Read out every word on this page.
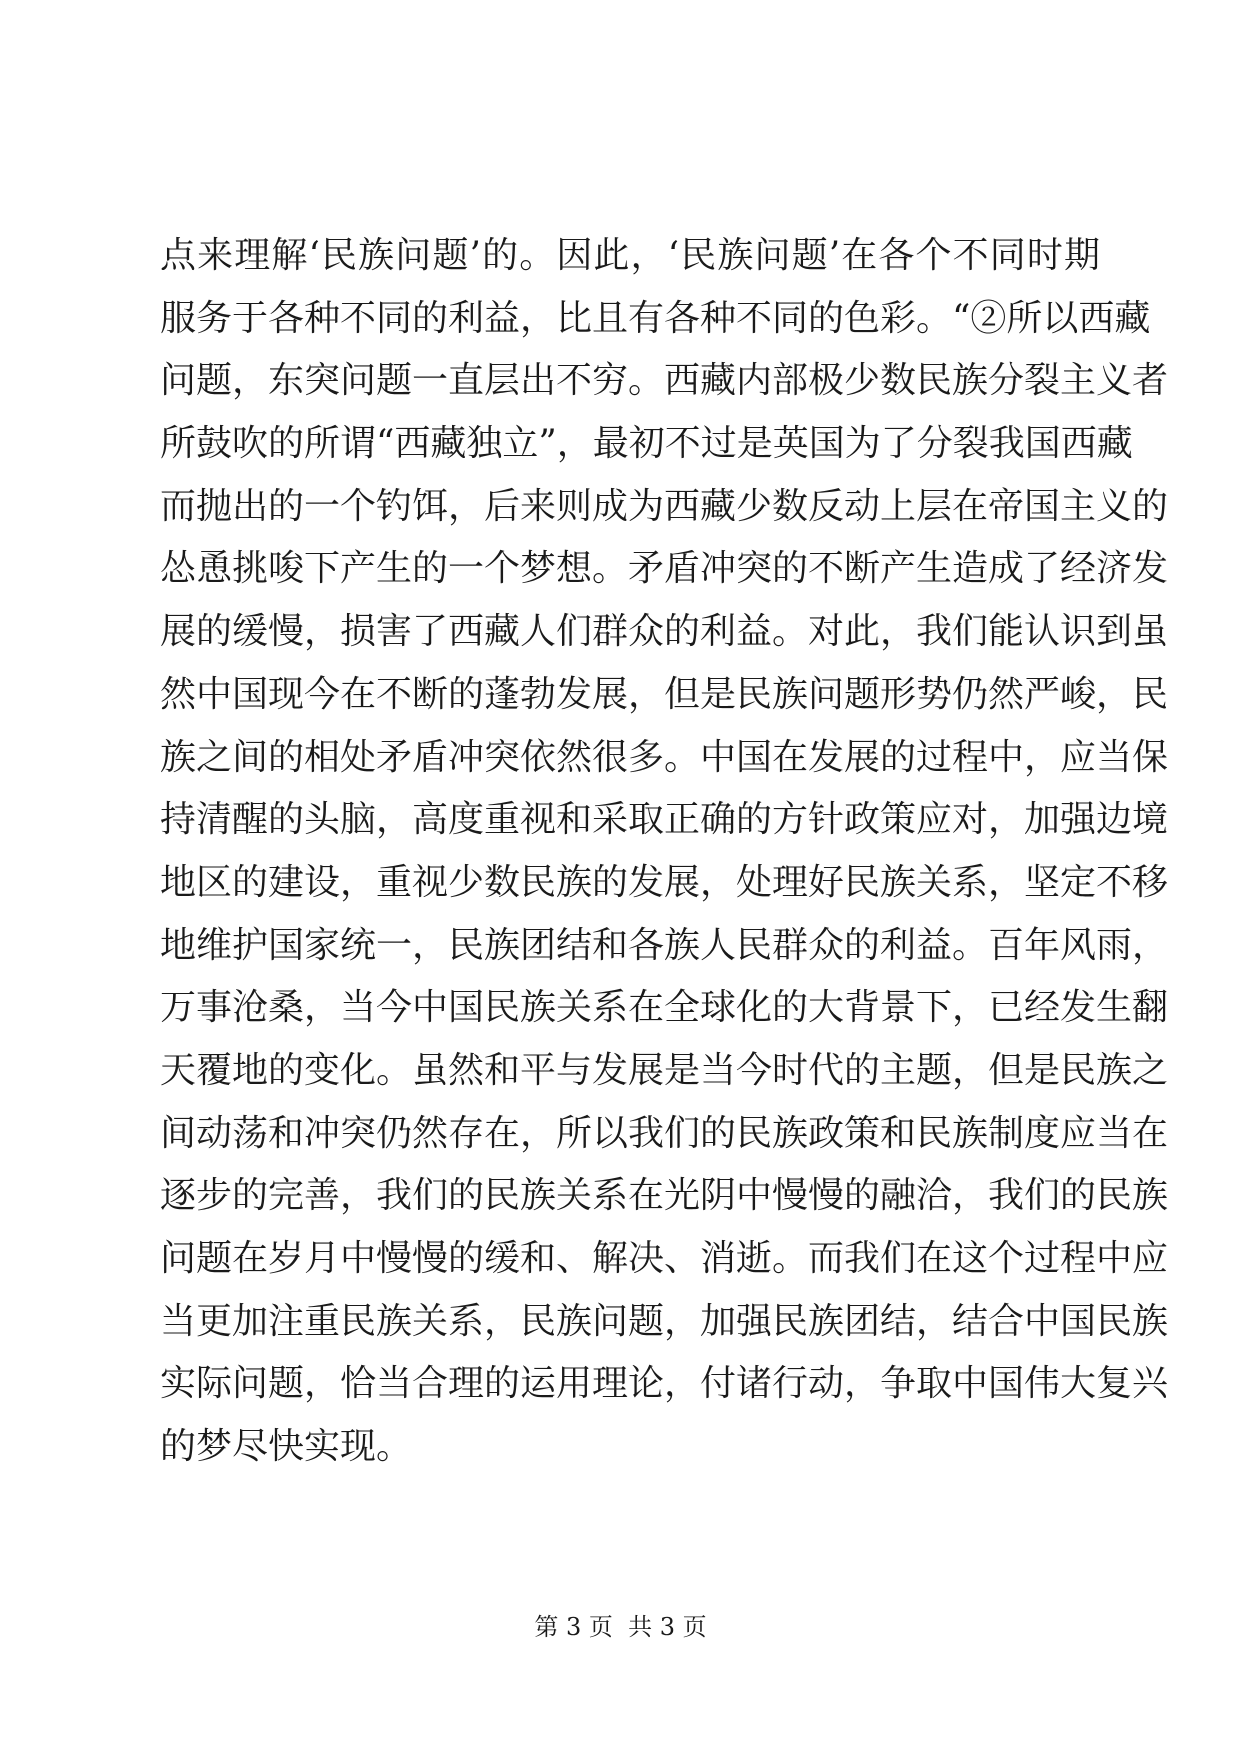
点来理解‘民族问题’的。因此，‘民族问题’在各个不同时期
服务于各种不同的利益，比且有各种不同的色彩。“②所以西藏
问题，东突问题一直层出不穷。西藏内部极少数民族分裂主义者
所鼓吹的所谓“西藏独立”，最初不过是英国为了分裂我国西藏
而抛出的一个钓饵，后来则成为西藏少数反动上层在帝国主义的
怂恿挑唆下产生的一个梦想。矛盾冲突的不断产生造成了经济发
展的缓慢，损害了西藏人们群众的利益。对此，我们能认识到虽
然中国现今在不断的蓬勃发展，但是民族问题形势仍然严峻，民
族之间的相处矛盾冲突依然很多。中国在发展的过程中，应当保
持清醒的头脑，高度重视和采取正确的方针政策应对，加强边境
地区的建设，重视少数民族的发展，处理好民族关系，坚定不移
地维护国家统一，民族团结和各族人民群众的利益。百年风雨，
万事沧桑，当今中国民族关系在全球化的大背景下，已经发生翻
天覆地的变化。虽然和平与发展是当今时代的主题，但是民族之
间动荡和冲突仍然存在，所以我们的民族政策和民族制度应当在
逐步的完善，我们的民族关系在光阴中慢慢的融洽，我们的民族
问题在岁月中慢慢的缓和、解决、消逝。而我们在这个过程中应
当更加注重民族关系，民族问题，加强民族团结，结合中国民族
实际问题，恰当合理的运用理论，付诸行动，争取中国伟大复兴
的梦尽快实现。
第 3 页  共 3 页
